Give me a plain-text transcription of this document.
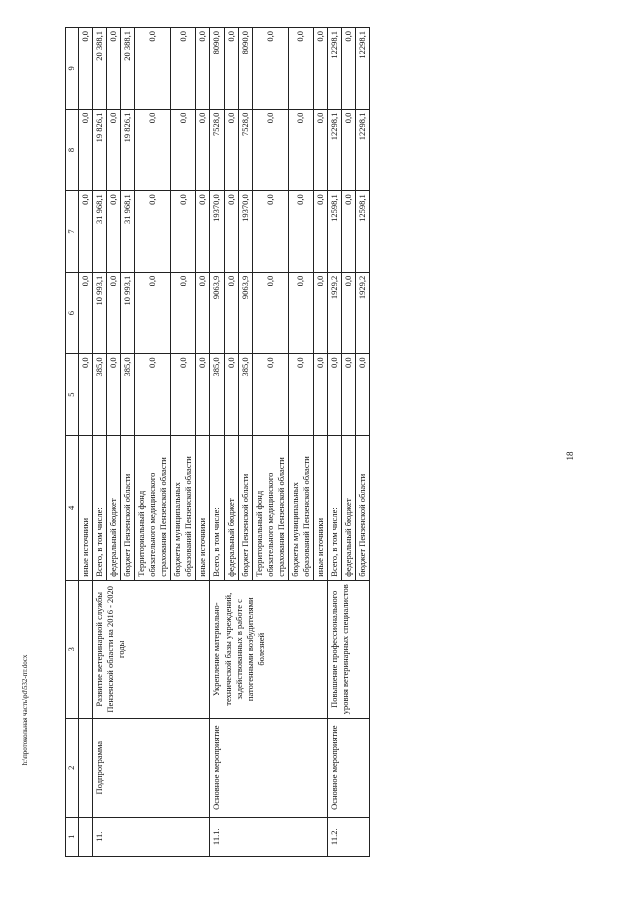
18
1	2	3	4	5	6	7	8	9
			иные источники	0,0	0,0	0,0	0,0	0,0
11.	Подпрограмма	Развитие ветеринарной службы Пензенской области на 2016 - 2020 годы	Всего, в том числе:	385,0	10 993,1	31 968,1	19 826,1	20 388,1
			федеральный бюджет	0,0	0,0	0,0	0,0	0,0
			бюджет Пензенской области	385,0	10 993,1	31 968,1	19 826,1	20 388,1
			Территориальный фонд обязательного медицинского страхования Пензенской области	0,0	0,0	0,0	0,0	0,0
			бюджеты муниципальных образований Пензенской области	0,0	0,0	0,0	0,0	0,0
			иные источники	0,0	0,0	0,0	0,0	0,0
11.1.	Основное мероприятие	Укрепление материально-технической базы учреждений, задействованных в работе с патогенными возбудителями болезней	Всего, в том числе:	385,0	9063,9	19370,0	7528,0	8090,0
			федеральный бюджет	0,0	0,0	0,0	0,0	0,0
			бюджет Пензенской области	385,0	9063,9	19370,0	7528,0	8090,0
			Территориальный фонд обязательного медицинского страхования Пензенской области	0,0	0,0	0,0	0,0	0,0
			бюджеты муниципальных образований Пензенской области	0,0	0,0	0,0	0,0	0,0
			иные источники	0,0	0,0	0,0	0,0	0,0
11.2.	Основное мероприятие	Повышение профессионального уровня ветеринарных специалистов	Всего, в том числе:	0,0	1929,2	12598,1	12298,1	12298,1
			федеральный бюджет	0,0	0,0	0,0	0,0	0,0
			бюджет Пензенской области	0,0	1929,2	12598,1	12298,1	12298,1
h:\протокольная часть\pd\532-пт.docx
